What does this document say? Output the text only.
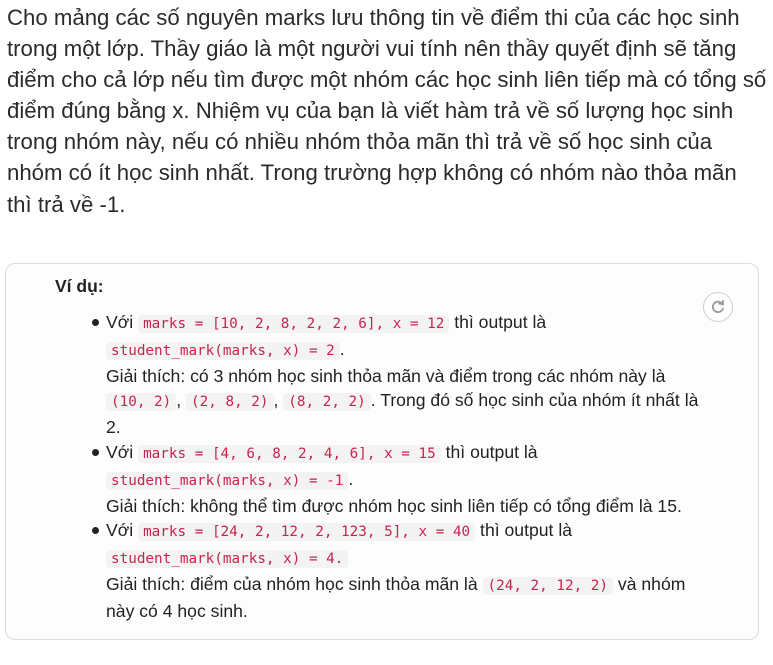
Cho mảng các số nguyên marks lưu thông tin về điểm thi của các học sinh trong một lớp. Thầy giáo là một người vui tính nên thầy quyết định sẽ tăng điểm cho cả lớp nếu tìm được một nhóm các học sinh liên tiếp mà có tổng số điểm đúng bằng x. Nhiệm vụ của bạn là viết hàm trả về số lượng học sinh trong nhóm này, nếu có nhiều nhóm thỏa mãn thì trả về số học sinh của nhóm có ít học sinh nhất. Trong trường hợp không có nhóm nào thỏa mãn thì trả về -1.

Ví dụ:

Với marks = [10, 2, 8, 2, 2, 6], x = 12 thì output là student_mark(marks, x) = 2 .
Giải thích: có 3 nhóm học sinh thỏa mãn và điểm trong các nhóm này là (10, 2) , (2, 8, 2) , (8, 2, 2) . Trong đó số học sinh của nhóm ít nhất là 2.
Với marks = [4, 6, 8, 2, 4, 6], x = 15 thì output là student_mark(marks, x) = -1 .
Giải thích: không thể tìm được nhóm học sinh liên tiếp có tổng điểm là 15.
Với marks = [24, 2, 12, 2, 123, 5], x = 40 thì output là student_mark(marks, x) = 4.
Giải thích: điểm của nhóm học sinh thỏa mãn là (24, 2, 12, 2) và nhóm này có 4 học sinh.
